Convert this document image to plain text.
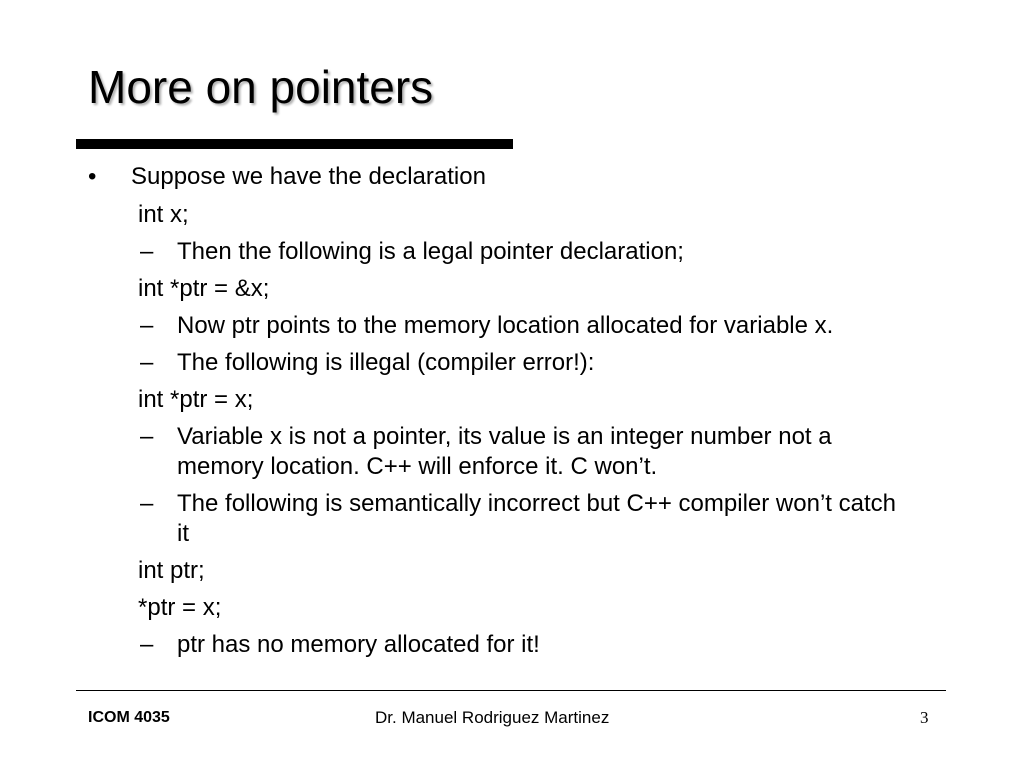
More on pointers
• Suppose we have the declaration
int x;
– Then the following is a legal pointer declaration;
int *ptr = &x;
– Now ptr points to the memory location allocated for variable x.
– The following is illegal (compiler error!):
int *ptr = x;
– Variable x is not a pointer, its value is an integer number not a memory location. C++ will enforce it. C won’t.
– The following is semantically incorrect but C++ compiler won’t catch it
int ptr;
*ptr = x;
– ptr has no memory allocated for it!
ICOM 4035	Dr. Manuel Rodriguez Martinez	3
